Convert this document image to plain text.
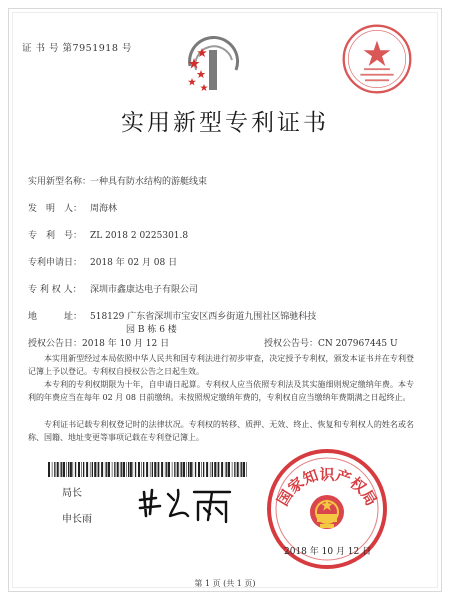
证 书 号 第7951918 号
实用新型专利证书
实用新型名称：一种具有防水结构的游艇线束
发　明　人： 周海林
专　利　号： ZL 2018 2 0225301.8
专利申请日： 2018 年 02 月 08 日
专 利 权 人： 深圳市鑫康达电子有限公司
地　　　址： 518129 广东省深圳市宝安区西乡街道九围社区锦驰科技
园 B 栋 6 楼
授权公告日：2018 年 10 月 12 日	授权公告号：CN 207967445 U
本实用新型经过本局依照中华人民共和国专利法进行初步审查，决定授予专利权，颁发本证书并在专利登记簿上予以登记。专利权自授权公告之日起生效。
本专利的专利权期限为十年，自申请日起算。专利权人应当依照专利法及其实施细则规定缴纳年费。本专利的年费应当在每年 02 月 08 日前缴纳。未按照规定缴纳年费的，专利权自应当缴纳年费期满之日起终止。
专利证书记载专利权登记时的法律状况。专利权的转移、质押、无效、终止、恢复和专利权人的姓名或名称、国籍、地址变更等事项记载在专利登记簿上。
局长
申长雨
国家知识产权局
2018 年 10 月 12 日
第 1 页 (共 1 页)
